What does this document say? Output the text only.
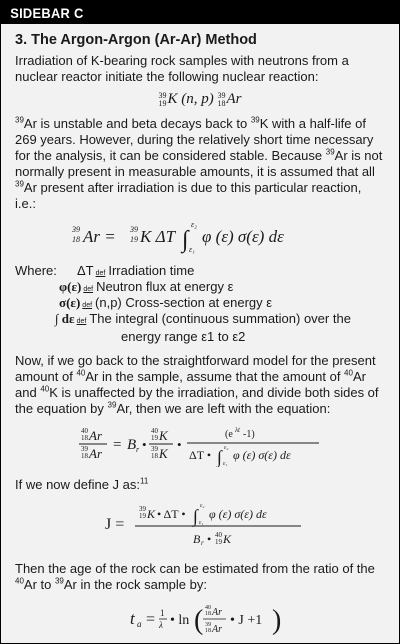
SIDEBAR C
3. The Argon-Argon (Ar-Ar) Method

Irradiation of K-bearing rock samples with neutrons from a nuclear reactor initiate the following nuclear reaction:

39
19 K (n, p) 39
18 Ar

$^{39}$Ar is unstable and beta decays back to $^{39}$K with a half-life of 269 years. However, during the relatively short time necessary for the analysis, it can be considered stable. Because $^{39}$Ar is not normally present in measurable amounts, it is assumed that all $^{39}$Ar present after irradiation is due to this particular reaction, i.e.:

39
18 Ar = 39
19 K ΔT ∫
ε₂
ε₁
φ (ε) σ(ε) dε
Where:	ΔT def Irradiation time
φ(ε) def Neutron flux at energy ε
σ(ε) def (n,p) Cross-section at energy ε
∫ dε def The integral (continuous summation) over the
energy range ε1 to ε2

Now, if we go back to the straightforward model for the present amount of $^{40}$Ar in the sample, assume that the amount of $^{40}$Ar and $^{40}$K is unaffected by the irradiation, and divide both sides of the equation by $^{39}$Ar, then we are left with the equation:

40
18 Ar
39
18 Ar
= B r •
40
19 K
39
18 K
•
(e λt -1)
ΔT • ∫ ε₂
ε₁
φ (ε) σ(ε) dε

If we now define J as:$^{11}$

J =
39
19 K • ΔT • ∫ ε₂
ε₁
φ (ε) σ(ε) dε
B r • 40
19 K

Then the age of the rock can be estimated from the ratio of the $^{40}$Ar to $^{39}$Ar in the rock sample by:

t a = 1
λ • ln ( 40
18 Ar
39
18 Ar
• J +1 )
